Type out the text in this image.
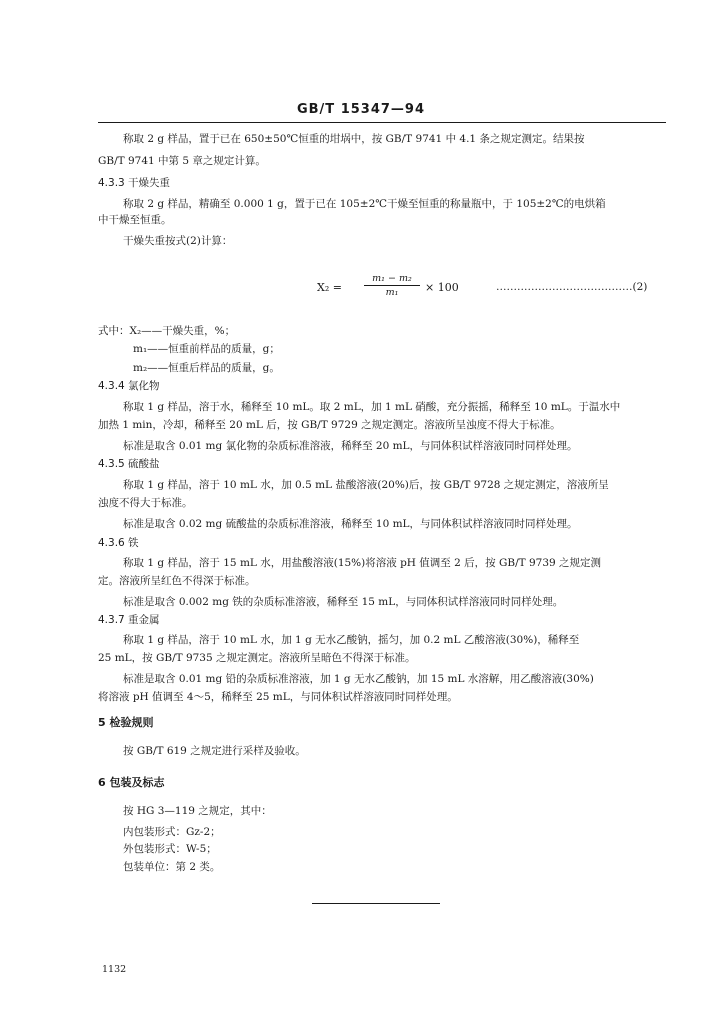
GB/T 15347—94
称取 2 g 样品，置于已在 650±50℃恒重的坩埚中，按 GB/T 9741 中 4.1 条之规定测定。结果按
GB/T 9741 中第 5 章之规定计算。
4.3.3 干燥失重
称取 2 g 样品，精确至 0.000 1 g，置于已在 105±2℃干燥至恒重的称量瓶中，于 105±2℃的电烘箱
中干燥至恒重。
干燥失重按式(2)计算：
X₂ =
m₁ − m₂
m₁	× 100	…………………………………(2)
式中：X₂——干燥失重，%；
m₁——恒重前样品的质量，g；
m₂——恒重后样品的质量，g。
4.3.4 氯化物
称取 1 g 样品，溶于水，稀释至 10 mL。取 2 mL，加 1 mL 硝酸，充分振摇，稀释至 10 mL。于温水中
加热 1 min，冷却，稀释至 20 mL 后，按 GB/T 9729 之规定测定。溶液所呈浊度不得大于标准。
标准是取含 0.01 mg 氯化物的杂质标准溶液，稀释至 20 mL，与同体积试样溶液同时同样处理。
4.3.5 硫酸盐
称取 1 g 样品，溶于 10 mL 水，加 0.5 mL 盐酸溶液(20%)后，按 GB/T 9728 之规定测定，溶液所呈
浊度不得大于标准。
标准是取含 0.02 mg 硫酸盐的杂质标准溶液，稀释至 10 mL，与同体积试样溶液同时同样处理。
4.3.6 铁
称取 1 g 样品，溶于 15 mL 水，用盐酸溶液(15%)将溶液 pH 值调至 2 后，按 GB/T 9739 之规定测
定。溶液所呈红色不得深于标准。
标准是取含 0.002 mg 铁的杂质标准溶液，稀释至 15 mL，与同体积试样溶液同时同样处理。
4.3.7 重金属
称取 1 g 样品，溶于 10 mL 水，加 1 g 无水乙酸钠，摇匀，加 0.2 mL 乙酸溶液(30%)，稀释至
25 mL，按 GB/T 9735 之规定测定。溶液所呈暗色不得深于标准。
标准是取含 0.01 mg 铅的杂质标准溶液，加 1 g 无水乙酸钠，加 15 mL 水溶解，用乙酸溶液(30%)
将溶液 pH 值调至 4～5，稀释至 25 mL，与同体积试样溶液同时同样处理。
5 检验规则
按 GB/T 619 之规定进行采样及验收。
6 包装及标志
按 HG 3—119 之规定，其中：
内包装形式：Gz-2；
外包装形式：W-5；
包装单位：第 2 类。
1132
